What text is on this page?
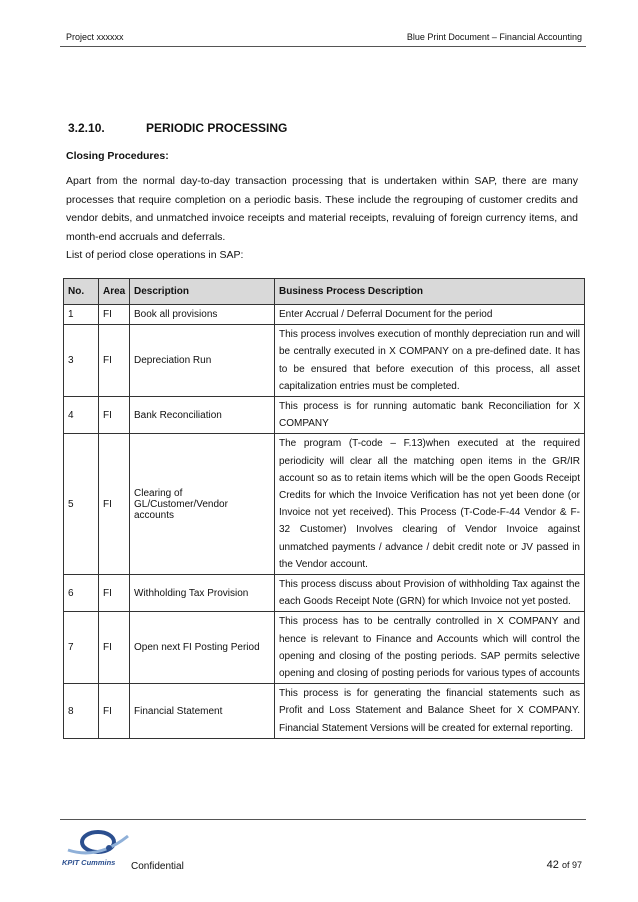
Project xxxxxx	Blue Print Document – Financial Accounting
3.2.10.	PERIODIC PROCESSING
Closing Procedures:

Apart from the normal day-to-day transaction processing that is undertaken within SAP, there are many processes that require completion on a periodic basis. These include the regrouping of customer credits and vendor debits, and unmatched invoice receipts and material receipts, revaluing of foreign currency items, and month-end accruals and deferrals.

List of period close operations in SAP:
No.	Area	Description	Business Process Description
1	FI	Book all provisions	Enter Accrual / Deferral Document for the period
3	FI	Depreciation Run	This process involves execution of monthly depreciation run and will be centrally executed in X COMPANY on a pre-defined date. It has to be ensured that before execution of this process, all asset capitalization entries must be completed.
4	FI	Bank Reconciliation	This process is for running automatic bank Reconciliation for X COMPANY
5	FI	Clearing of GL/Customer/Vendor accounts	The program (T-code – F.13)when executed at the required periodicity will clear all the matching open items in the GR/IR account so as to retain items which will be the open Goods Receipt Credits for which the Invoice Verification has not yet been done (or Invoice not yet received). This Process (T-Code-F-44 Vendor & F-32 Customer) Involves clearing of Vendor Invoice against unmatched payments / advance / debit credit note or JV passed in the Vendor account.
6	FI	Withholding Tax Provision	This process discuss about Provision of withholding Tax against the each Goods Receipt Note (GRN) for which Invoice not yet posted.
7	FI	Open next FI Posting Period	This process has to be centrally controlled in X COMPANY and hence is relevant to Finance and Accounts which will control the opening and closing of the posting periods. SAP permits selective opening and closing of posting periods for various types of accounts
8	FI	Financial Statement	This process is for generating the financial statements such as Profit and Loss Statement and Balance Sheet for X COMPANY. Financial Statement Versions will be created for external reporting.
KPIT Cummins Confidential	42 of 97
